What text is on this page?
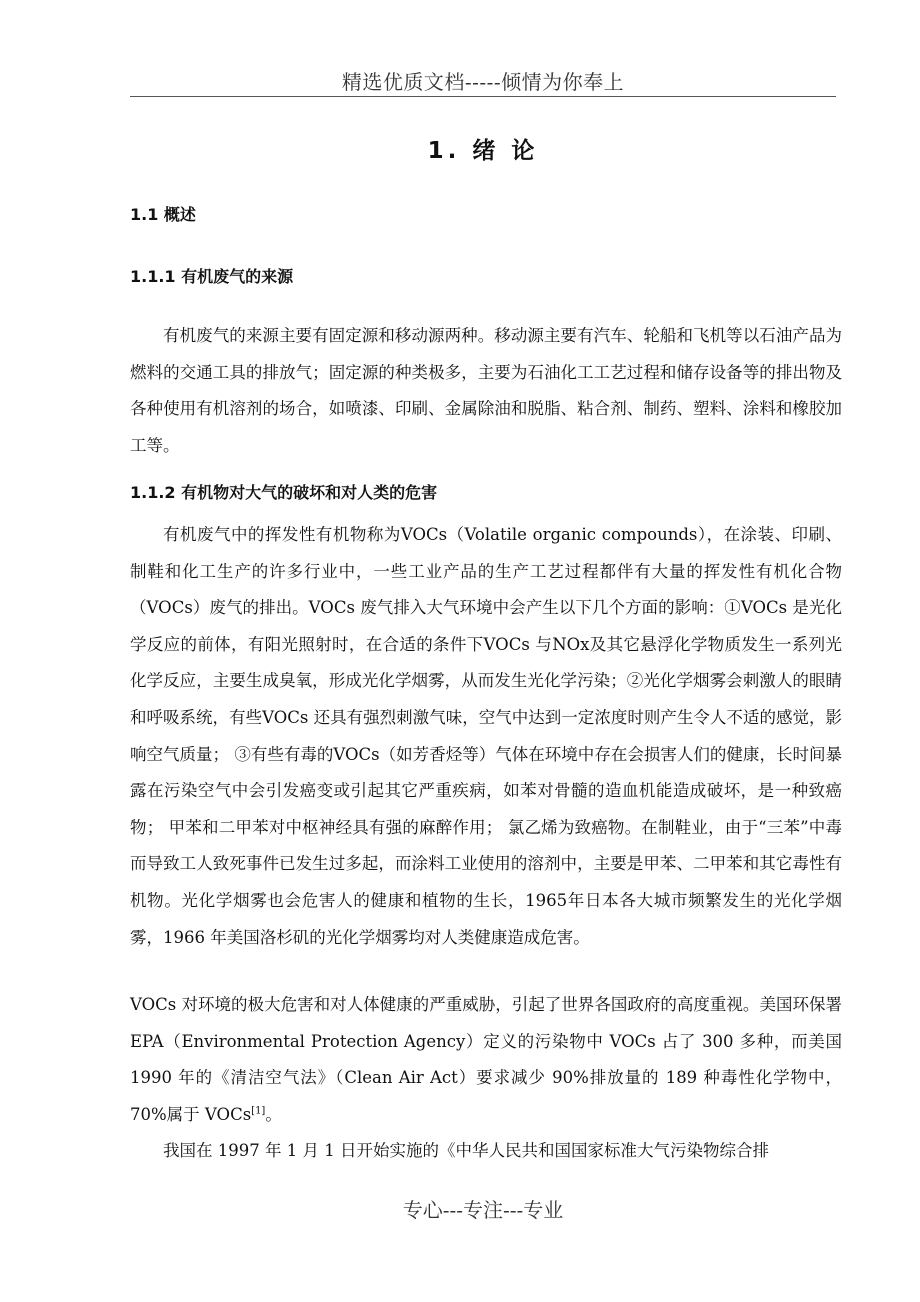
精选优质文档-----倾情为你奉上
1. 绪 论
1.1 概述
1.1.1 有机废气的来源

有机废气的来源主要有固定源和移动源两种。移动源主要有汽车、轮船和飞机等以石油产品为燃料的交通工具的排放气；固定源的种类极多，主要为石油化工工艺过程和储存设备等的排出物及各种使用有机溶剂的场合，如喷漆、印刷、金属除油和脱脂、粘合剂、制药、塑料、涂料和橡胶加工等。

1.1.2 有机物对大气的破坏和对人类的危害

有机废气中的挥发性有机物称为VOCs（Volatile organic compounds），在涂装、印刷、制鞋和化工生产的许多行业中，一些工业产品的生产工艺过程都伴有大量的挥发性有机化合物（VOCs）废气的排出。VOCs 废气排入大气环境中会产生以下几个方面的影响：①VOCs 是光化学反应的前体，有阳光照射时，在合适的条件下VOCs 与NOx及其它悬浮化学物质发生一系列光化学反应，主要生成臭氧，形成光化学烟雾，从而发生光化学污染；②光化学烟雾会刺激人的眼睛和呼吸系统，有些VOCs 还具有强烈刺激气味，空气中达到一定浓度时则产生令人不适的感觉，影响空气质量； ③有些有毒的VOCs（如芳香烃等）气体在环境中存在会损害人们的健康，长时间暴露在污染空气中会引发癌变或引起其它严重疾病，如苯对骨髓的造血机能造成破坏，是一种致癌物； 甲苯和二甲苯对中枢神经具有强的麻醉作用； 氯乙烯为致癌物。在制鞋业，由于“三苯”中毒而导致工人致死事件已发生过多起，而涂料工业使用的溶剂中，主要是甲苯、二甲苯和其它毒性有机物。光化学烟雾也会危害人的健康和植物的生长，1965年日本各大城市频繁发生的光化学烟雾，1966 年美国洛杉矶的光化学烟雾均对人类健康造成危害。

VOCs 对环境的极大危害和对人体健康的严重威胁，引起了世界各国政府的高度重视。美国环保署 EPA（Environmental Protection Agency）定义的污染物中 VOCs 占了 300 多种，而美国 1990 年的《清洁空气法》（Clean Air Act）要求减少 90%排放量的 189 种毒性化学物中，70%属于 VOCs[1]。

我国在 1997 年 1 月 1 日开始实施的《中华人民共和国国家标准大气污染物综合排

专心---专注---专业
